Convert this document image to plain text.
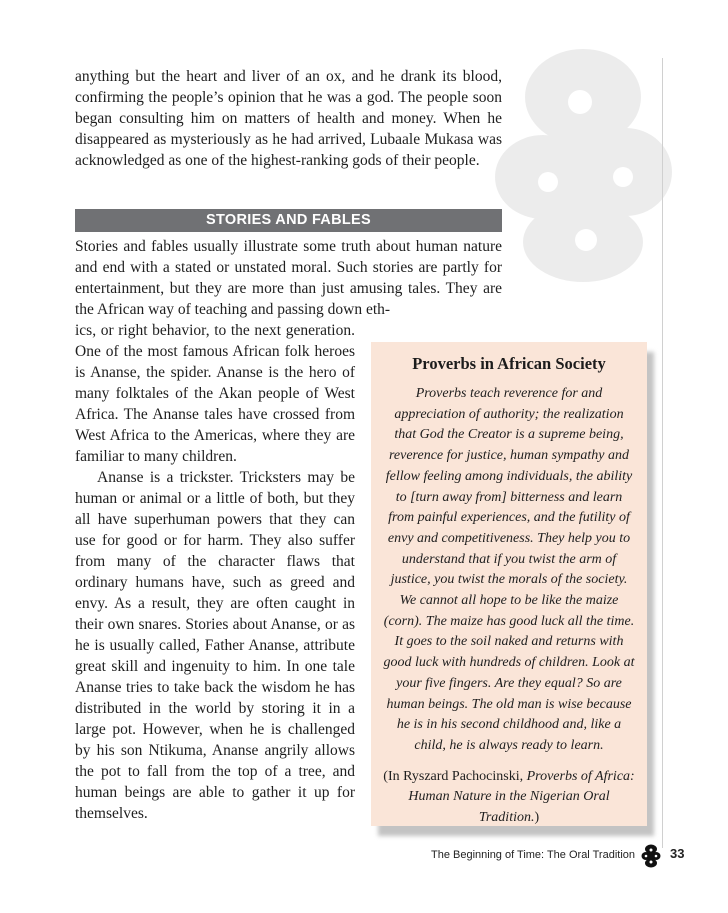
anything but the heart and liver of an ox, and he drank its blood, confirming the people’s opinion that he was a god. The people soon began consulting him on matters of health and money. When he disappeared as mysteriously as he had arrived, Lubaale Mukasa was acknowledged as one of the highest-ranking gods of their people.

STORIES AND FABLES

Stories and fables usually illustrate some truth about human nature and end with a stated or unstated moral. Such stories are partly for entertainment, but they are more than just amusing tales. They are the African way of teaching and passing down eth-

ics, or right behavior, to the next generation. One of the most famous African folk heroes is Ananse, the spider. Ananse is the hero of many folktales of the Akan people of West Africa. The Ananse tales have crossed from West Africa to the Americas, where they are familiar to many children.

Ananse is a trickster. Tricksters may be human or animal or a little of both, but they all have superhuman powers that they can use for good or for harm. They also suffer from many of the character flaws that ordinary humans have, such as greed and envy. As a result, they are often caught in their own snares. Stories about Ananse, or as he is usually called, Father Ananse, attribute great skill and ingenuity to him. In one tale Ananse tries to take back the wisdom he has distributed in the world by storing it in a large pot. However, when he is challenged by his son Ntikuma, Ananse angrily allows the pot to fall from the top of a tree, and human beings are able to gather it up for themselves.

Proverbs in African Society

Proverbs teach reverence for and appreciation of authority; the realization that God the Creator is a supreme being, reverence for justice, human sympathy and fellow feeling among individuals, the ability to [turn away from] bitterness and learn from painful experiences, and the futility of envy and competitiveness. They help you to understand that if you twist the arm of justice, you twist the morals of the society. We cannot all hope to be like the maize (corn). The maize has good luck all the time. It goes to the soil naked and returns with good luck with hundreds of children. Look at your five fingers. Are they equal? So are human beings. The old man is wise because he is in his second childhood and, like a child, he is always ready to learn.

(In Ryszard Pachocinski, Proverbs of Africa: Human Nature in the Nigerian Oral Tradition.)

The Beginning of Time: The Oral Tradition	33
